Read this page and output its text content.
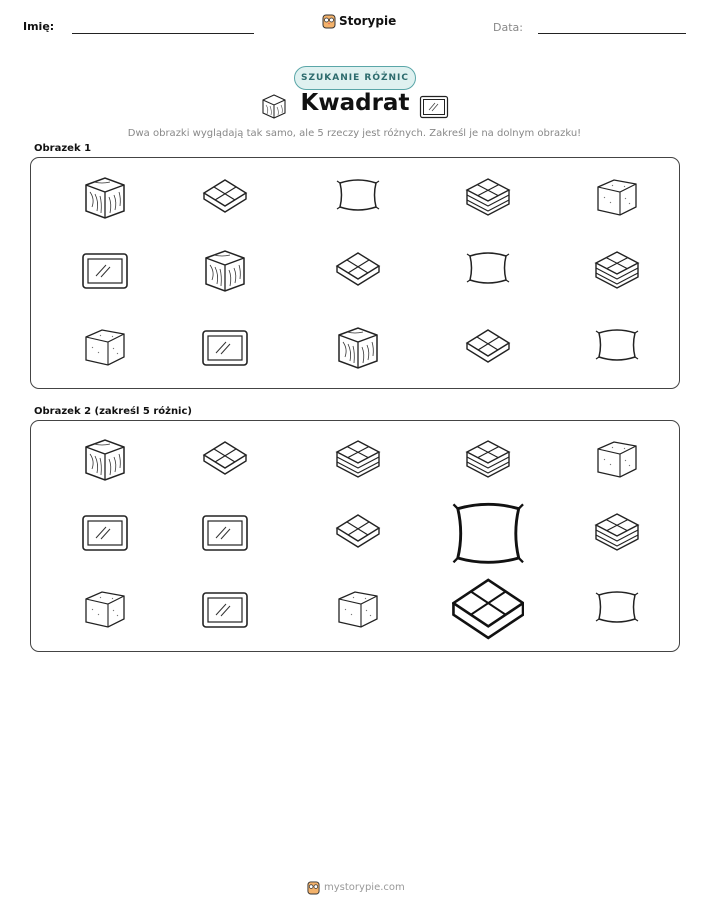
Imię:	Storypie	Data:
SZUKANIE RÓŻNIC
Kwadrat
Dwa obrazki wyglądają tak samo, ale 5 rzeczy jest różnych. Zakreśl je na dolnym obrazku!
Obrazek 1
Obrazek 2 (zakreśl 5 różnic)
mystorypie.com
